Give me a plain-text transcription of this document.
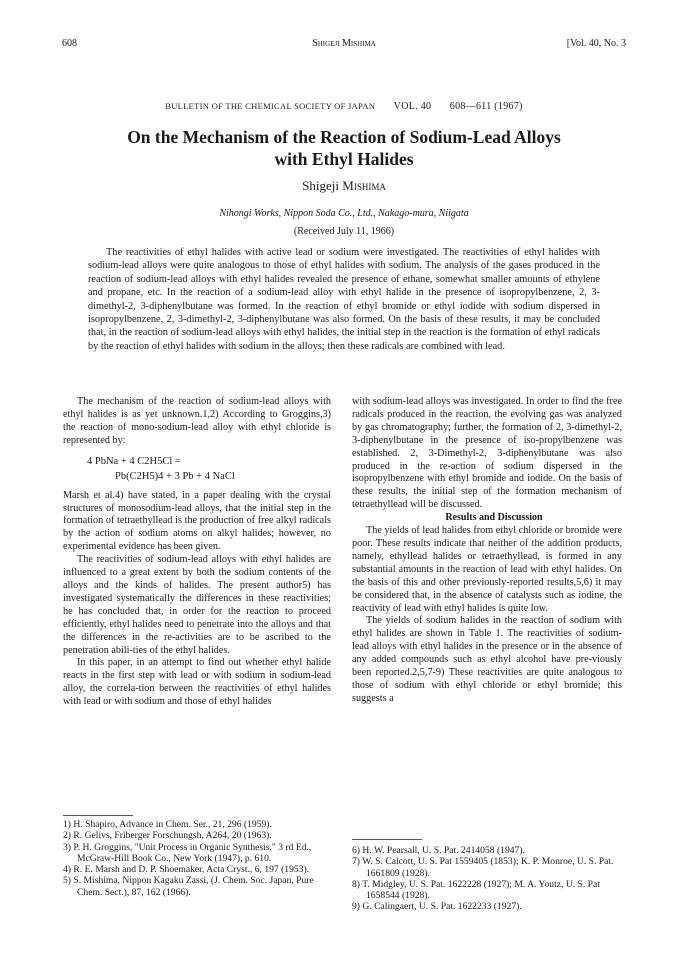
608	Shigeji Mishima	[Vol. 40, No. 3
BULLETIN OF THE CHEMICAL SOCIETY OF JAPAN VOL. 40 608—611 (1967)
On the Mechanism of the Reaction of Sodium-Lead Alloys
with Ethyl Halides
Shigeji Mishima
Nihongi Works, Nippon Soda Co., Ltd., Nakago-mura, Niigata
(Received July 11, 1966)
The reactivities of ethyl halides with active lead or sodium were investigated. The reactivities of ethyl halides with sodium-lead alloys were quite analogous to those of ethyl halides with sodium. The analysis of the gases produced in the reaction of sodium-lead alloys with ethyl halides revealed the presence of ethane, somewhat smaller amounts of ethylene and propane, etc. In the reaction of a sodium-lead alloy with ethyl halide in the presence of isopropylbenzene, 2, 3-dimethyl-2, 3-diphenylbutane was formed. In the reaction of ethyl bromide or ethyl iodide with sodium dispersed in isopropylbenzene, 2, 3-dimethyl-2, 3-diphenylbutane was also formed. On the basis of these results, it may be concluded that, in the reaction of sodium-lead alloys with ethyl halides, the initial step in the reaction is the formation of ethyl radicals by the reaction of ethyl halides with sodium in the alloys; then these radicals are combined with lead.

The mechanism of the reaction of sodium-lead alloys with ethyl halides is as yet unknown.1,2) According to Groggins,3) the reaction of mono-sodium-lead alloy with ethyl chloride is represented by:

4 PbNa + 4 C2H5Cl =
Pb(C2H5)4 + 3 Pb + 4 NaCl

Marsh et al.4) have stated, in a paper dealing with the crystal structures of monosodium-lead alloys, that the initial step in the formation of tetraethyllead is the production of free alkyl radicals by the action of sodium atoms on alkyl halides; however, no experimental evidence has been given.

The reactivities of sodium-lead alloys with ethyl halides are influenced to a great extent by both the sodium contents of the alloys and the kinds of halides. The present author5) has investigated systematically the differences in these reactivities; he has concluded that, in order for the reaction to proceed efficiently, ethyl halides need to penetrate into the alloys and that the differences in the re-activities are to be ascribed to the penetration abili-ties of the ethyl halides.

In this paper, in an attempt to find out whether ethyl halide reacts in the first step with lead or with sodium in sodium-lead alloy, the correla-tion between the reactivities of ethyl halides with lead or with sodium and those of ethyl halides

with sodium-lead alloys was investigated. In order to find the free radicals produced in the reaction, the evolving gas was analyzed by gas chromatography; further, the formation of 2, 3-dimethyl-2, 3-diphenylbutane in the presence of iso-propylbenzene was established. 2, 3-Dimethyl-2, 3-diphenylbutane was also produced in the re-action of sodium dispersed in the isopropylbenzene with ethyl bromide and iodide. On the basis of these results, the initial step of the formation mechanism of tetraethyllead will be discussed.

Results and Discussion

The yields of lead halides from ethyl chloride or bromide were poor. These results indicate that neither of the addition products, namely, ethyllead halides or tetraethyllead, is formed in any substantial amounts in the reaction of lead with ethyl halides. On the basis of this and other previously-reported results,5,6) it may be considered that, in the absence of catalysts such as iodine, the reactivity of lead with ethyl halides is quite low.

The yields of sodium halides in the reaction of sodium with ethyl halides are shown in Table 1. The reactivities of sodium-lead alloys with ethyl halides in the presence or in the absence of any added compounds such as ethyl alcohol have pre-viously been reported.2,5,7-9) These reactivities are quite analogous to those of sodium with ethyl chloride or ethyl bromide; this suggests a

1) H. Shapiro, Advance in Chem. Ser., 21, 296 (1959).
2) R. Gelivs, Friberger Forschungsh, A264, 20 (1963).
3) P. H. Groggins, "Unit Process in Organic Synthesis," 3 rd Ed., McGraw-Hill Book Co., New York (1947), p. 610.
4) R. E. Marsh and D. P. Shoemaker, Acta Cryst., 6, 197 (1953).
5) S. Mishima, Nippon Kagaku Zassi, (J. Chem. Soc. Japan, Pure Chem. Sect.), 87, 162 (1966).
6) H. W. Pearsall, U. S. Pat. 2414058 (1947).
7) W. S. Calcott, U. S. Pat 1559405 (1853); K. P. Monroe, U. S. Pat. 1661809 (1928).
8) T. Midgley, U. S. Pat. 1622228 (1927); M. A. Youtz, U. S. Pat 1658544 (1928).
9) G. Calingaert, U. S. Pat. 1622233 (1927).
